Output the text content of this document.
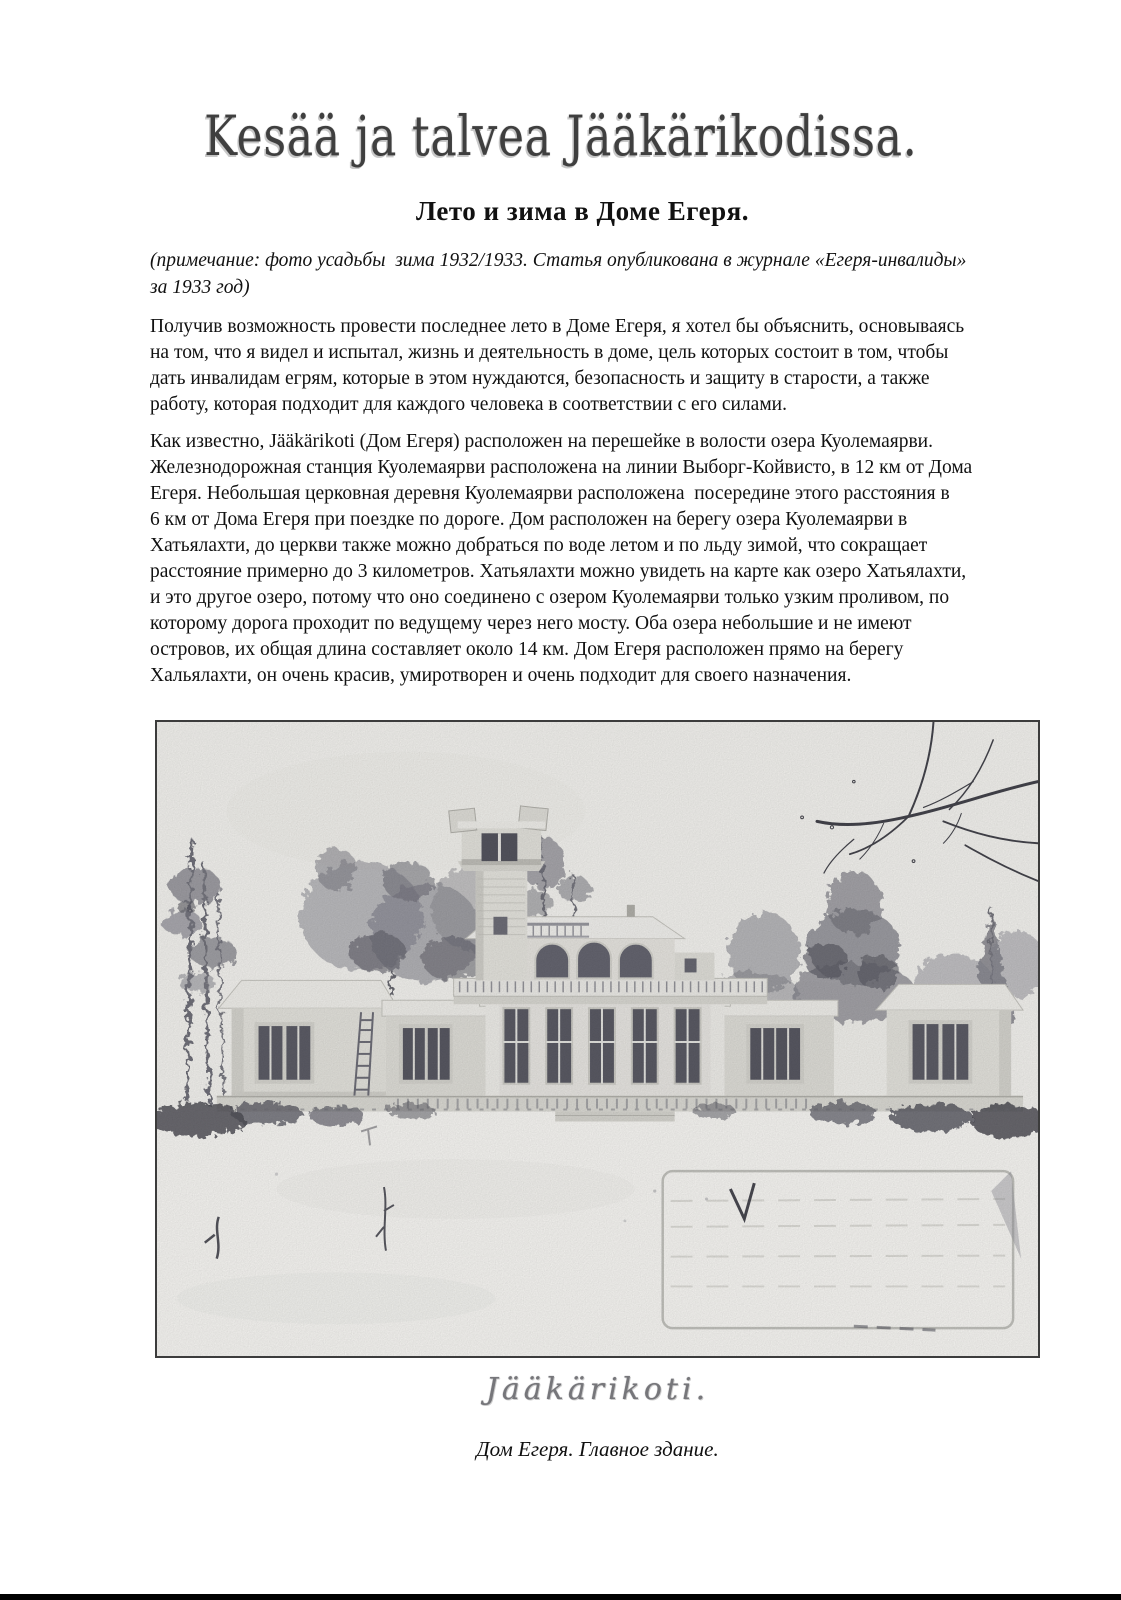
Kesää ja talvea Jääkärikodissa.
Лето и зима в Доме Егеря.
(примечание: фото усадьбы  зима 1932/1933. Статья опубликована в журнале «Егеря-инвалиды»
за 1933 год)
Получив возможность провести последнее лето в Доме Егеря, я хотел бы объяснить, основываясь
на том, что я видел и испытал, жизнь и деятельность в доме, цель которых состоит в том, чтобы
дать инвалидам егрям, которые в этом нуждаются, безопасность и защиту в старости, а также
работу, которая подходит для каждого человека в соответствии с его силами.
Как известно, Jääkärikoti (Дом Егеря) расположен на перешейке в волости озера Куолемаярви.
Железнодорожная станция Куолемаярви расположена на линии Выборг-Койвисто, в 12 км от Дома
Егеря. Небольшая церковная деревня Куолемаярви расположена  посередине этого расстояния в
6 км от Дома Егеря при поездке по дороге. Дом расположен на берегу озера Куолемаярви в
Хатьялахти, до церкви также можно добраться по воде летом и по льду зимой, что сокращает
расстояние примерно до 3 километров. Хатьялахти можно увидеть на карте как озеро Хатьялахти,
и это другое озеро, потому что оно соединено с озером Куолемаярви только узким проливом, по
которому дорога проходит по ведущему через него мосту. Оба озера небольшие и не имеют
островов, их общая длина составляет около 14 км. Дом Егеря расположен прямо на берегу
Хальялахти, он очень красив, умиротворен и очень подходит для своего назначения.
Jääkärikoti.
Дом Егеря. Главное здание.
